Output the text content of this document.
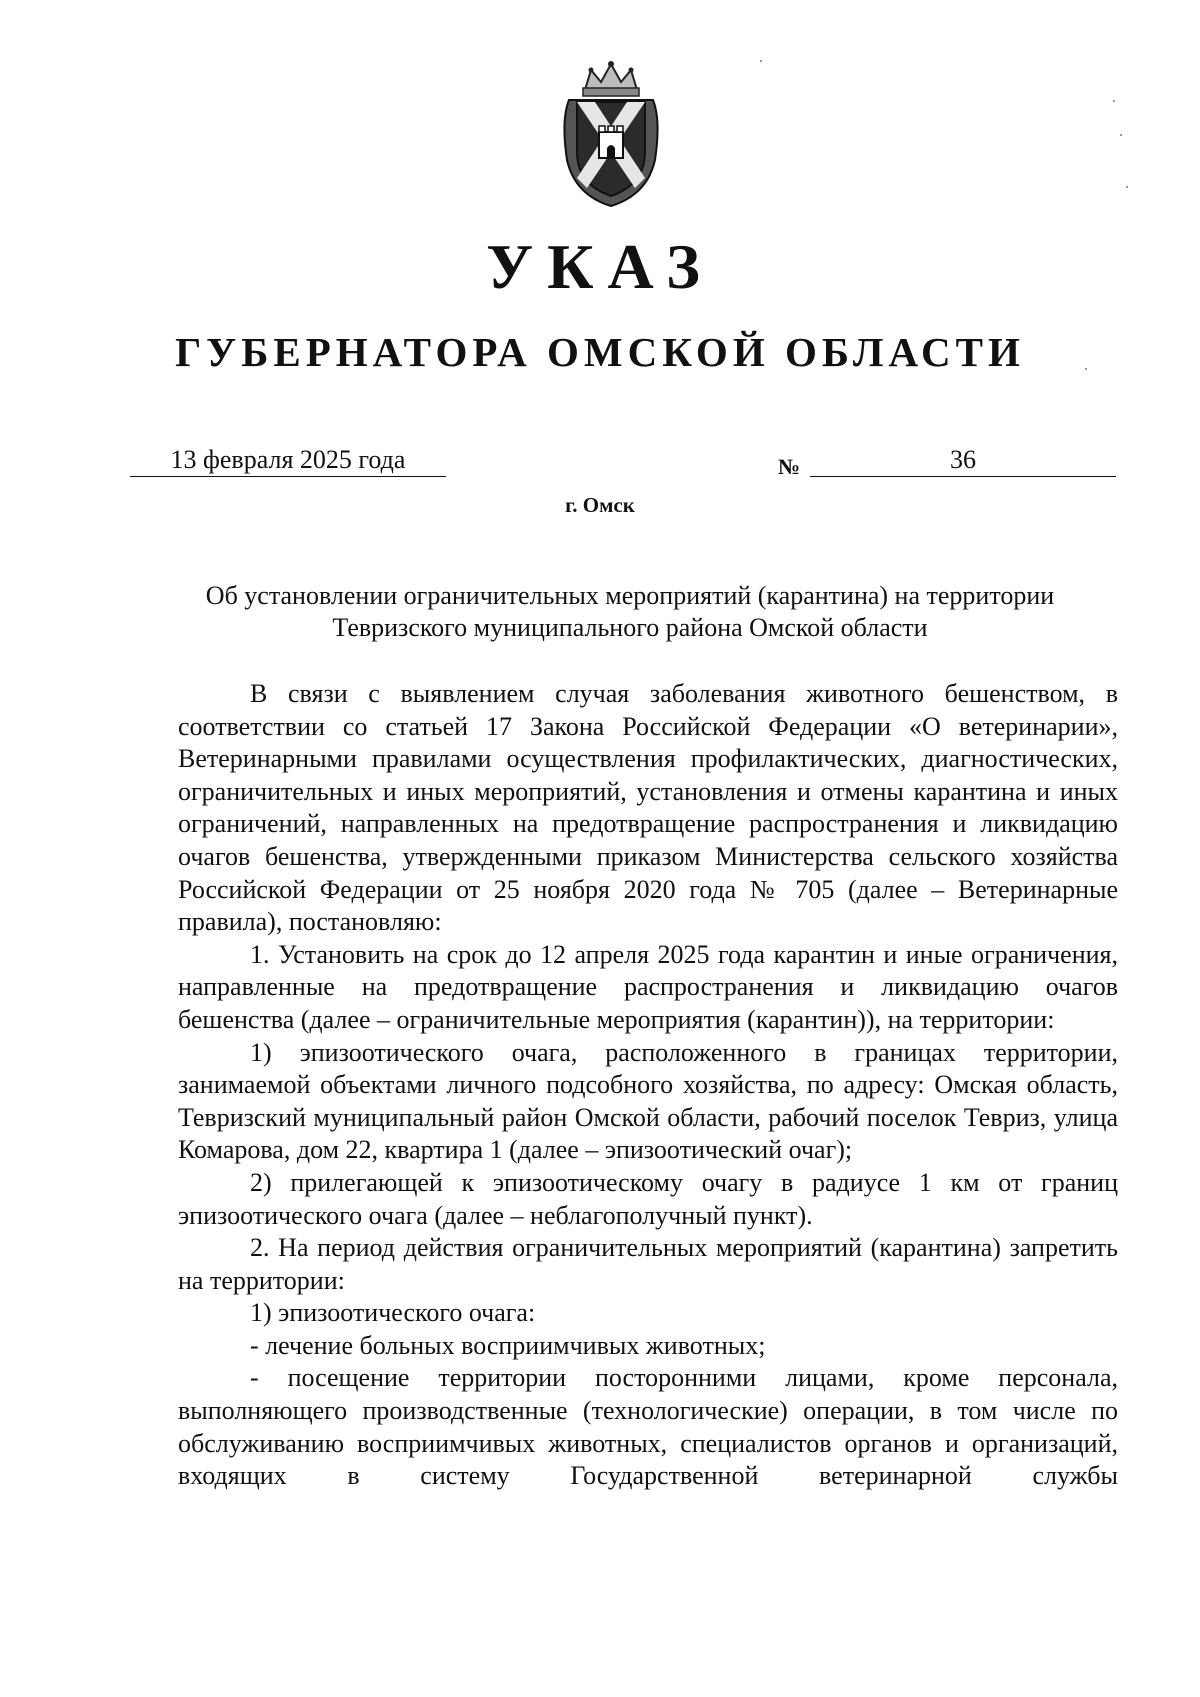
УКАЗ
ГУБЕРНАТОРА ОМСКОЙ ОБЛАСТИ
13 февраля 2025 года	№	36
г. Омск
Об установлении ограничительных мероприятий (карантина) на территории
Тевризского муниципального района Омской области

В связи с выявлением случая заболевания животного бешенством, в соответствии со статьей 17 Закона Российской Федерации «О ветеринарии», Ветеринарными правилами осуществления профилактических, диагностических, ограничительных и иных мероприятий, установления и отмены карантина и иных ограничений, направленных на предотвращение распространения и ликвидацию очагов бешенства, утвержденными приказом Министерства сельского хозяйства Российской Федерации от 25 ноября 2020 года № 705 (далее – Ветеринарные правила), постановляю:

1. Установить на срок до 12 апреля 2025 года карантин и иные ограничения, направленные на предотвращение распространения и ликвидацию очагов бешенства (далее – ограничительные мероприятия (карантин)), на территории:

1) эпизоотического очага, расположенного в границах территории, занимаемой объектами личного подсобного хозяйства, по адресу: Омская область, Тевризский муниципальный район Омской области, рабочий поселок Тевриз, улица Комарова, дом 22, квартира 1 (далее – эпизоотический очаг);

2) прилегающей к эпизоотическому очагу в радиусе 1 км от границ эпизоотического очага (далее – неблагополучный пункт).

2. На период действия ограничительных мероприятий (карантина) запретить на территории:

1) эпизоотического очага:

- лечение больных восприимчивых животных;

- посещение территории посторонними лицами, кроме персонала, выполняющего производственные (технологические) операции, в том числе по обслуживанию восприимчивых животных, специалистов органов и организаций, входящих в систему Государственной ветеринарной службы
